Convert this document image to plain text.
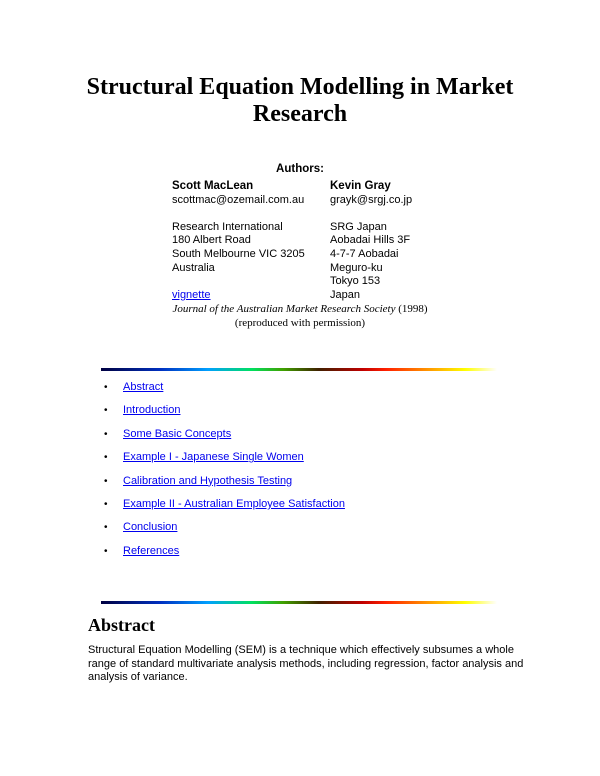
Structural Equation Modelling in Market Research
Authors:
Scott MacLean
scottmac@ozemail.com.au
Research International
180 Albert Road
South Melbourne VIC 3205
Australia
vignette
Kevin Gray
grayk@srgj.co.jp
SRG Japan
Aobadai Hills 3F
4-7-7 Aobadai
Meguro-ku
Tokyo 153
Japan
Journal of the Australian Market Research Society (1998)
(reproduced with permission)
• Abstract
• Introduction
• Some Basic Concepts
• Example I - Japanese Single Women
• Calibration and Hypothesis Testing
• Example II - Australian Employee Satisfaction
• Conclusion
• References
Abstract

Structural Equation Modelling (SEM) is a technique which effectively subsumes a whole range of standard multivariate analysis methods, including regression, factor analysis and analysis of variance.
